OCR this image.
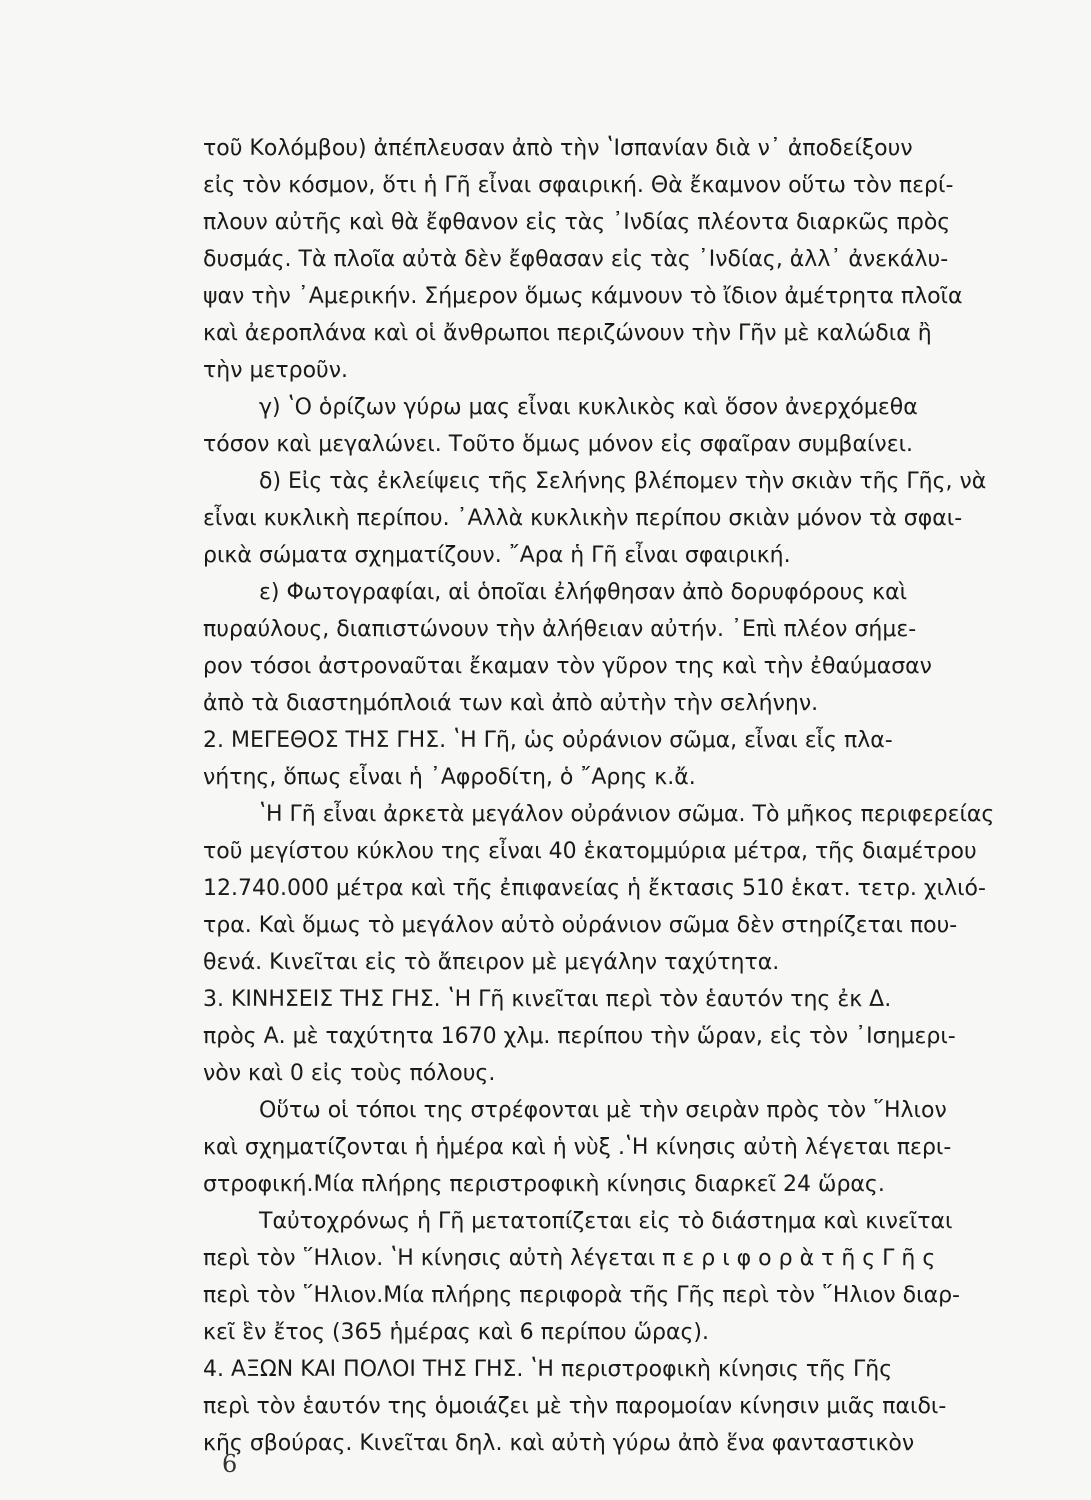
τοῦ Κολόμβου) ἀπέπλευσαν ἀπὸ τὴν ʽΙσπανίαν διὰ ν᾿ ἀποδείξουν
εἰς τὸν κόσμον, ὅτι ἡ Γῆ εἶναι σφαιρική. Θὰ ἔκαμνον οὕτω τὸν περί-
πλουν αὐτῆς καὶ θὰ ἔφθανον εἰς τὰς ᾿Ινδίας πλέοντα διαρκῶς πρὸς
δυσμάς. Τὰ πλοῖα αὐτὰ δὲν ἔφθασαν εἰς τὰς ᾿Ινδίας, ἀλλ᾿ ἀνεκάλυ-
ψαν τὴν ᾿Αμερικήν. Σήμερον ὅμως κάμνουν τὸ ἴδιον ἀμέτρητα πλοῖα
καὶ ἀεροπλάνα καὶ οἱ ἄνθρωποι περιζώνουν τὴν Γῆν μὲ καλώδια ἢ
τὴν μετροῦν.
γ) ʽΟ ὁρίζων γύρω μας εἶναι κυκλικὸς καὶ ὅσον ἀνερχόμεθα
τόσον καὶ μεγαλώνει. Τοῦτο ὅμως μόνον εἰς σφαῖραν συμβαίνει.
δ) Εἰς τὰς ἐκλείψεις τῆς Σελήνης βλέπομεν τὴν σκιὰν τῆς Γῆς, νὰ
εἶναι κυκλικὴ περίπου. ᾿Αλλὰ κυκλικὴν περίπου σκιὰν μόνον τὰ σφαι-
ρικὰ σώματα σχηματίζουν. ῎Αρα ἡ Γῆ εἶναι σφαιρική.
ε) Φωτογραφίαι, αἱ ὁποῖαι ἐλήφθησαν ἀπὸ δορυφόρους καὶ
πυραύλους, διαπιστώνουν τὴν ἀλήθειαν αὐτήν. ᾿Επὶ πλέον σήμε-
ρον τόσοι ἀστροναῦται ἔκαμαν τὸν γῦρον της καὶ τὴν ἐθαύμασαν
ἀπὸ τὰ διαστημόπλοιά των καὶ ἀπὸ αὐτὴν τὴν σελήνην.
2. ΜΕΓΕΘΟΣ ΤΗΣ ΓΗΣ. ʽΗ Γῆ, ὡς οὐράνιον σῶμα, εἶναι εἷς πλα-
νήτης, ὅπως εἶναι ἡ ᾿Αφροδίτη, ὁ ῎Αρης κ.ἄ.
ʽΗ Γῆ εἶναι ἀρκετὰ μεγάλον οὐράνιον σῶμα. Τὸ μῆκος περιφερείας
τοῦ μεγίστου κύκλου της εἶναι 40 ἑκατομμύρια μέτρα, τῆς διαμέτρου
12.740.000 μέτρα καὶ τῆς ἐπιφανείας ἡ ἔκτασις 510 ἑκατ. τετρ. χιλιό-
τρα. Καὶ ὅμως τὸ μεγάλον αὐτὸ οὐράνιον σῶμα δὲν στηρίζεται που-
θενά. Κινεῖται εἰς τὸ ἄπειρον μὲ μεγάλην ταχύτητα.
3. ΚΙΝΗΣΕΙΣ ΤΗΣ ΓΗΣ. ʽΗ Γῆ κινεῖται περὶ τὸν ἑαυτόν της ἐκ Δ.
πρὸς Α. μὲ ταχύτητα 1670 χλμ. περίπου τὴν ὥραν, εἰς τὸν ᾿Ισημερι-
νὸν καὶ 0 εἰς τοὺς πόλους.
Οὕτω οἱ τόποι της στρέφονται μὲ τὴν σειρὰν πρὸς τὸν ῞Ηλιον
καὶ σχηματίζονται ἡ ἡμέρα καὶ ἡ νὺξ .ʽΗ κίνησις αὐτὴ λέγεται περι-
στροφική.Μία πλήρης περιστροφικὴ κίνησις διαρκεῖ 24 ὥρας.
Ταὐτοχρόνως ἡ Γῆ μετατοπίζεται εἰς τὸ διάστημα καὶ κινεῖται
περὶ τὸν ῞Ηλιον. ʽΗ κίνησις αὐτὴ λέγεται π ε ρ ι φ ο ρ ὰ τ ῆ ς Γ ῆ ς
περὶ τὸν ῞Ηλιον.Μία πλήρης περιφορὰ τῆς Γῆς περὶ τὸν ῞Ηλιον διαρ-
κεῖ ἓν ἔτος (365 ἡμέρας καὶ 6 περίπου ὥρας).
4. ΑΞΩΝ ΚΑΙ ΠΟΛΟΙ ΤΗΣ ΓΗΣ. ʽΗ περιστροφικὴ κίνησις τῆς Γῆς
περὶ τὸν ἑαυτόν της ὁμοιάζει μὲ τὴν παρομοίαν κίνησιν μιᾶς παιδι-
κῆς σβούρας. Κινεῖται δηλ. καὶ αὐτὴ γύρω ἀπὸ ἕνα φανταστικὸν
6
